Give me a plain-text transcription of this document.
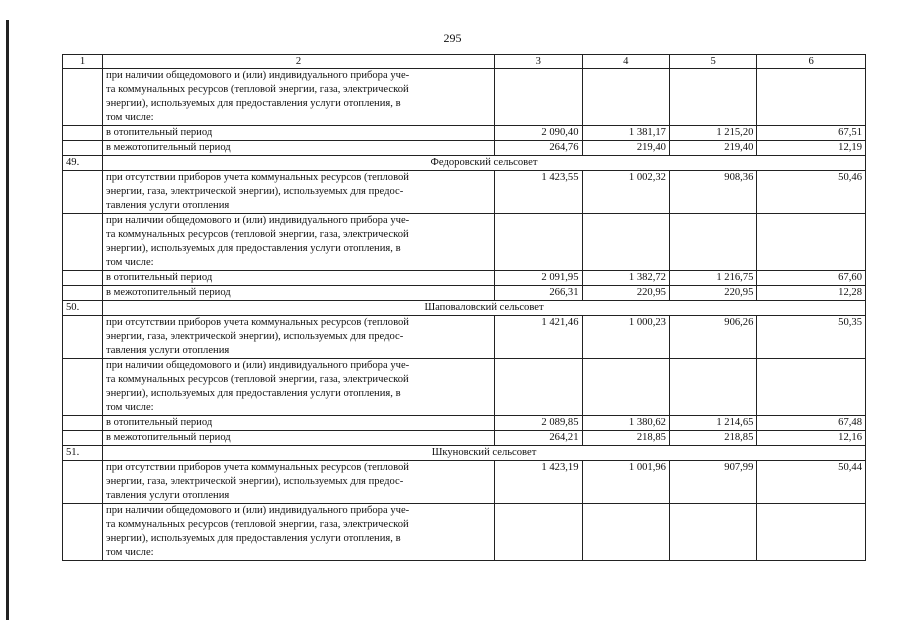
295
1	2	3	4	5	6

	при наличии общедомового и (или) индивидуального прибора уче-
та коммунальных ресурсов (тепловой энергии, газа, электрической
энергии), используемых для предоставления услуги отопления, в
том числе:				

	в отопительный период	2 090,40	1 381,17	1 215,20	67,51

	в межотопительный период	264,76	219,40	219,40	12,19
49.	Федоровский сельсовет				

	при отсутствии приборов учета коммунальных ресурсов (тепловой
энергии, газа, электрической энергии), используемых для предос-
тавления услуги отопления	1 423,55	1 002,32	908,36	50,46

	при наличии общедомового и (или) индивидуального прибора уче-
та коммунальных ресурсов (тепловой энергии, газа, электрической
энергии), используемых для предоставления услуги отопления, в
том числе:				

	в отопительный период	2 091,95	1 382,72	1 216,75	67,60

	в межотопительный период	266,31	220,95	220,95	12,28
50.	Шаповаловский сельсовет				

	при отсутствии приборов учета коммунальных ресурсов (тепловой
энергии, газа, электрической энергии), используемых для предос-
тавления услуги отопления	1 421,46	1 000,23	906,26	50,35

	при наличии общедомового и (или) индивидуального прибора уче-
та коммунальных ресурсов (тепловой энергии, газа, электрической
энергии), используемых для предоставления услуги отопления, в
том числе:				

	в отопительный период	2 089,85	1 380,62	1 214,65	67,48

	в межотопительный период	264,21	218,85	218,85	12,16
51.	Шкуновский сельсовет				

	при отсутствии приборов учета коммунальных ресурсов (тепловой
энергии, газа, электрической энергии), используемых для предос-
тавления услуги отопления	1 423,19	1 001,96	907,99	50,44

	при наличии общедомового и (или) индивидуального прибора уче-
та коммунальных ресурсов (тепловой энергии, газа, электрической
энергии), используемых для предоставления услуги отопления, в
том числе:				
